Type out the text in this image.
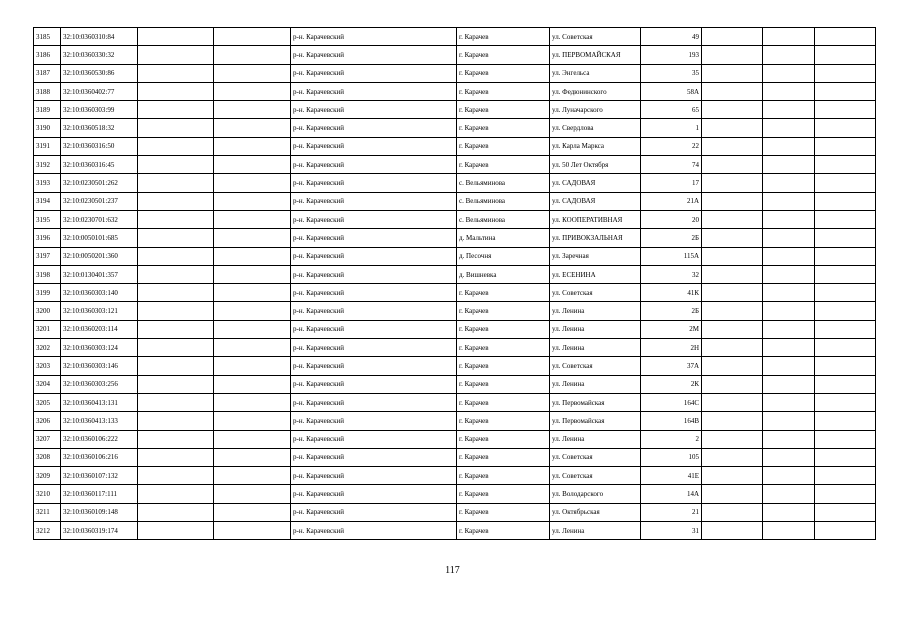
3185	32:10:0360310:84			р-н. Карачевский	г. Карачев	ул. Советская	49			
3186	32:10:0360330:32			р-н. Карачевский	г. Карачев	ул. ПЕРВОМАЙСКАЯ	193			
3187	32:10:0360530:86			р-н. Карачевский	г. Карачев	ул. Энгельса	35			
3188	32:10:0360402:77			р-н. Карачевский	г. Карачев	ул. Федюнинского	58А			
3189	32:10:0360303:99			р-н. Карачевский	г. Карачев	ул. Луначарского	65			
3190	32:10:0360518:32			р-н. Карачевский	г. Карачев	ул. Свердлова	1			
3191	32:10:0360316:50			р-н. Карачевский	г. Карачев	ул. Карла Маркса	22			
3192	32:10:0360316:45			р-н. Карачевский	г. Карачев	ул. 50 Лет Октября	74			
3193	32:10:0230501:262			р-н. Карачевский	с. Вельяминова	ул. САДОВАЯ	17			
3194	32:10:0230501:237			р-н. Карачевский	с. Вельяминова	ул. САДОВАЯ	21А			
3195	32:10:0230701:632			р-н. Карачевский	с. Вельяминова	ул. КООПЕРАТИВНАЯ	20			
3196	32:10:0050101:685			р-н. Карачевский	д. Мальтина	ул. ПРИВОКЗАЛЬНАЯ	2Б			
3197	32:10:0050201:360			р-н. Карачевский	д. Песочня	ул. Заречная	115А			
3198	32:10:0130401:357			р-н. Карачевский	д. Вишневка	ул. ЕСЕНИНА	32			
3199	32:10:0360303:140			р-н. Карачевский	г. Карачев	ул. Советская	41К			
3200	32:10:0360303:121			р-н. Карачевский	г. Карачев	ул. Ленина	2Б			
3201	32:10:0360203:114			р-н. Карачевский	г. Карачев	ул. Ленина	2М			
3202	32:10:0360303:124			р-н. Карачевский	г. Карачев	ул. Ленина	2Н			
3203	32:10:0360303:146			р-н. Карачевский	г. Карачев	ул. Советская	37А			
3204	32:10:0360303:256			р-н. Карачевский	г. Карачев	ул. Ленина	2К			
3205	32:10:0360413:131			р-н. Карачевский	г. Карачев	ул. Первомайская	164С			
3206	32:10:0360413:133			р-н. Карачевский	г. Карачев	ул. Первомайская	164В			
3207	32:10:0360106:222			р-н. Карачевский	г. Карачев	ул. Ленина	2			
3208	32:10:0360106:216			р-н. Карачевский	г. Карачев	ул. Советская	105			
3209	32:10:0360107:132			р-н. Карачевский	г. Карачев	ул. Советская	41Е			
3210	32:10:0360117:111			р-н. Карачевский	г. Карачев	ул. Володарского	14А			
3211	32:10:0360109:148			р-н. Карачевский	г. Карачев	ул. Октябрьская	21			
3212	32:10:0360319:174			р-н. Карачевский	г. Карачев	ул. Ленина	31			
117
